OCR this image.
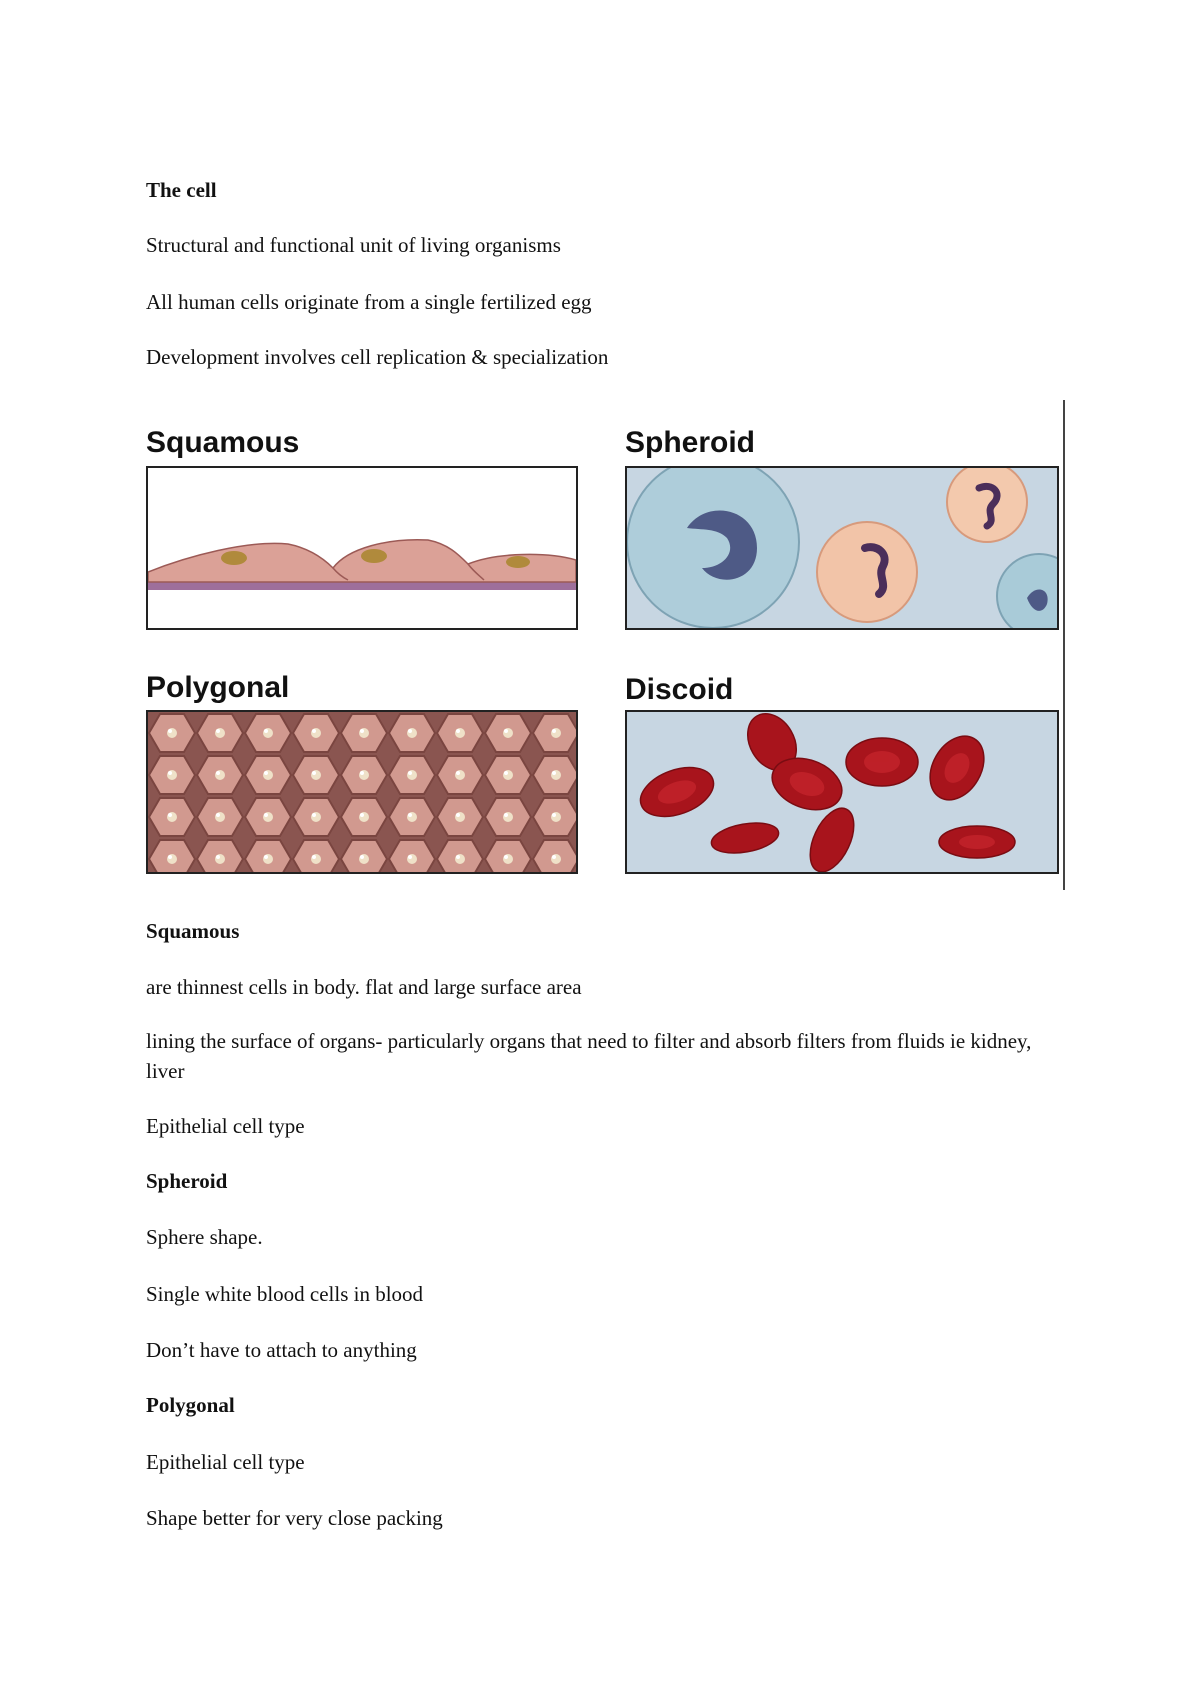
The cell

Structural and functional unit of living organisms

All human cells originate from a single fertilized egg

Development involves cell replication & specialization

Squamous	Spheroid

Polygonal	Discoid

Squamous

are thinnest cells in body. flat and large surface area

lining the surface of organs- particularly organs that need to filter and absorb filters from fluids ie kidney, liver

Epithelial cell type

Spheroid

Sphere shape.

Single white blood cells in blood

Don’t have to attach to anything

Polygonal

Epithelial cell type

Shape better for very close packing
